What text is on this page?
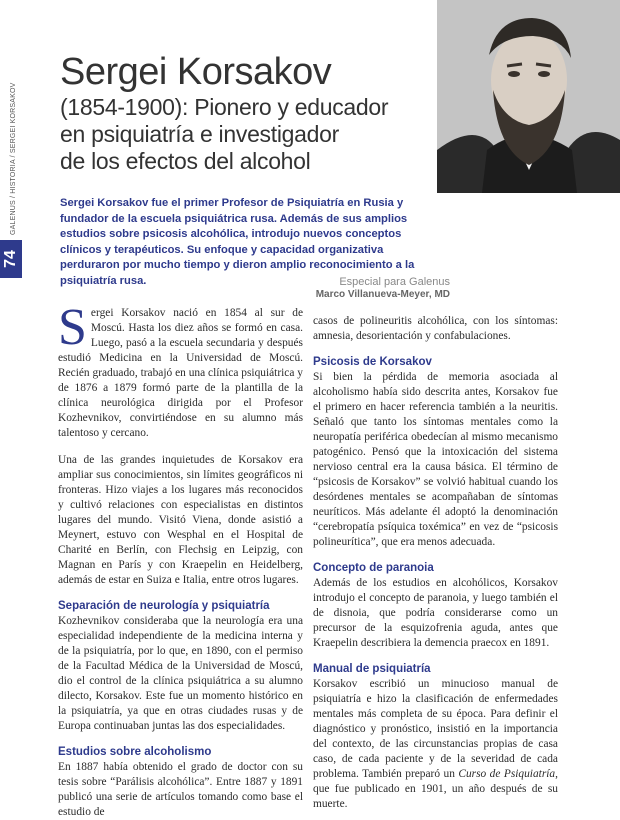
GALENUS / HISTORIA / SERGEI KORSAKOV
74
Sergei Korsakov

(1854-1900): Pionero y educador

en psiquiatría e investigador

de los efectos del alcohol

Sergei Korsakov fue el primer Profesor de Psiquiatría en Rusia y fundador de la escuela psiquiátrica rusa. Además de sus amplios estudios sobre psicosis alcohólica, introdujo nuevos conceptos clínicos y terapéuticos. Su enfoque y capacidad organizativa perduraron por mucho tiempo y dieron amplio reconocimiento a la psiquiatría rusa.	Especial para Galenus
Marco Villanueva-Meyer, MD

Sergei Korsakov nació en 1854 al sur de Moscú. Hasta los diez años se formó en casa. Luego, pasó a la escuela secundaria y después estudió Medicina en la Universidad de Moscú. Recién graduado, trabajó en una clínica psiquiátrica y de 1876 a 1879 formó parte de la plantilla de la clínica neurológica dirigida por el Profesor Kozhevnikov, convirtiéndose en su alumno más talentoso y cercano.

Una de las grandes inquietudes de Korsakov era ampliar sus conocimientos, sin límites geográficos ni fronteras. Hizo viajes a los lugares más reconocidos y cultivó relaciones con especialistas en distintos lugares del mundo. Visitó Viena, donde asistió a Meynert, estuvo con Wesphal en el Hospital de Charité en Berlín, con Flechsig en Leipzig, con Magnan en París y con Kraepelin en Heidelberg, además de estar en Suiza e Italia, entre otros lugares.

Separación de neurología y psiquiatría

Kozhevnikov consideraba que la neurología era una especialidad independiente de la medicina interna y de la psiquiatría, por lo que, en 1890, con el permiso de la Facultad Médica de la Universidad de Moscú, dio el control de la clínica psiquiátrica a su alumno dilecto, Korsakov. Este fue un momento histórico en la psiquiatría, ya que en otras ciudades rusas y de Europa continuaban juntas las dos especialidades.

Estudios sobre alcoholismo

En 1887 había obtenido el grado de doctor con su tesis sobre “Parálisis alcohólica”. Entre 1887 y 1891 publicó una serie de artículos tomando como base el estudio de

casos de polineuritis alcohólica, con los síntomas: amnesia, desorientación y confabulaciones.

Psicosis de Korsakov

Si bien la pérdida de memoria asociada al alcoholismo había sido descrita antes, Korsakov fue el primero en hacer referencia también a la neuritis. Señaló que tanto los síntomas mentales como la neuropatía periférica obedecían al mismo mecanismo patogénico. Pensó que la intoxicación del sistema nervioso central era la causa básica. El término de “psicosis de Korsakov” se volvió habitual cuando los desórdenes mentales se acompañaban de síntomas neuríticos. Más adelante él adoptó la denominación “cerebropatía psíquica toxémica” en vez de “psicosis polineurítica”, que era menos adecuada.

Concepto de paranoia

Además de los estudios en alcohólicos, Korsakov introdujo el concepto de paranoia, y luego también el de disnoia, que podría considerarse como un precursor de la esquizofrenia aguda, antes que Kraepelin describiera la demencia praecox en 1891.

Manual de psiquiatría

Korsakov escribió un minucioso manual de psiquiatría e hizo la clasificación de enfermedades mentales más completa de su época. Para definir el diagnóstico y pronóstico, insistió en la importancia del contexto, de las circunstancias propias de casa caso, de cada paciente y de la severidad de cada problema. También preparó un Curso de Psiquiatría, que fue publicado en 1901, un año después de su muerte.
